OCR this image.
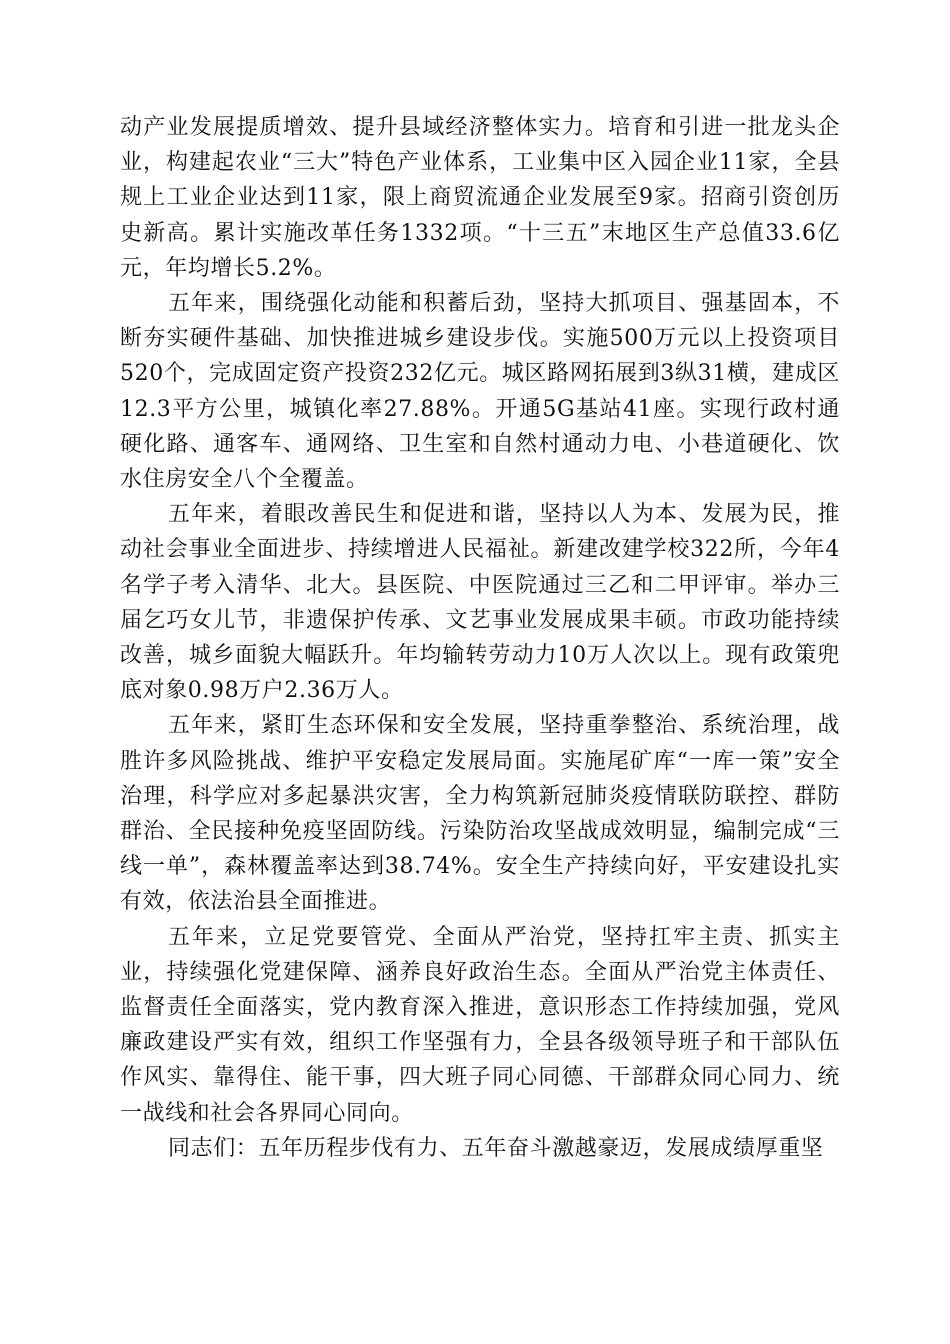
动产业发展提质增效、提升县域经济整体实力。培育和引进一批龙头企业，构建起农业“三大”特色产业体系，工业集中区入园企业11家，全县规上工业企业达到11家，限上商贸流通企业发展至9家。招商引资创历史新高。累计实施改革任务1332项。“十三五”末地区生产总值33.6亿元，年均增长5.2%。

五年来，围绕强化动能和积蓄后劲，坚持大抓项目、强基固本，不断夯实硬件基础、加快推进城乡建设步伐。实施500万元以上投资项目520个，完成固定资产投资232亿元。城区路网拓展到3纵31横，建成区12.3平方公里，城镇化率27.88%。开通5G基站41座。实现行政村通硬化路、通客车、通网络、卫生室和自然村通动力电、小巷道硬化、饮水住房安全八个全覆盖。

五年来，着眼改善民生和促进和谐，坚持以人为本、发展为民，推动社会事业全面进步、持续增进人民福祉。新建改建学校322所，今年4名学子考入清华、北大。县医院、中医院通过三乙和二甲评审。举办三届乞巧女儿节，非遗保护传承、文艺事业发展成果丰硕。市政功能持续改善，城乡面貌大幅跃升。年均输转劳动力10万人次以上。现有政策兜底对象0.98万户2.36万人。

五年来，紧盯生态环保和安全发展，坚持重拳整治、系统治理，战胜许多风险挑战、维护平安稳定发展局面。实施尾矿库“一库一策”安全治理，科学应对多起暴洪灾害，全力构筑新冠肺炎疫情联防联控、群防群治、全民接种免疫坚固防线。污染防治攻坚战成效明显，编制完成“三线一单”，森林覆盖率达到38.74%。安全生产持续向好，平安建设扎实有效，依法治县全面推进。

五年来，立足党要管党、全面从严治党，坚持扛牢主责、抓实主业，持续强化党建保障、涵养良好政治生态。全面从严治党主体责任、监督责任全面落实，党内教育深入推进，意识形态工作持续加强，党风廉政建设严实有效，组织工作坚强有力，全县各级领导班子和干部队伍作风实、靠得住、能干事，四大班子同心同德、干部群众同心同力、统一战线和社会各界同心同向。

同志们：五年历程步伐有力、五年奋斗激越豪迈，发展成绩厚重坚
